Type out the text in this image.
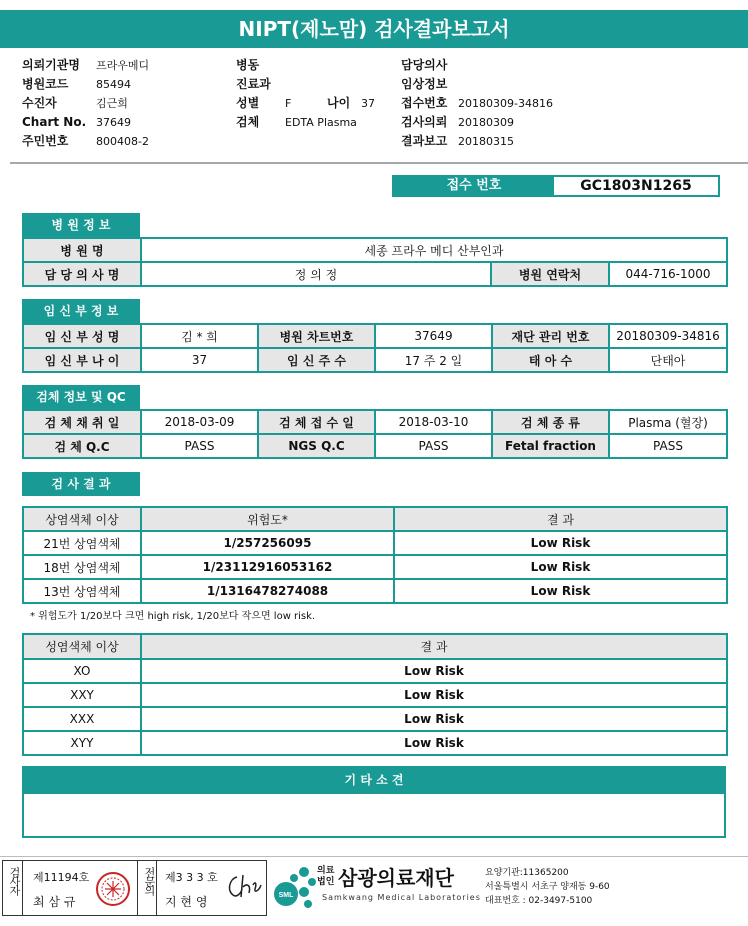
NIPT(제노맘) 검사결과보고서
의뢰기관명 프라우메디
병원코드	85494
수진자	김근희
Chart No. 37649
주민번호	800408-2
병동
진료과
성별 F	나이 37
검체 EDTA Plasma
담당의사
임상정보
접수번호 20180309-34816
검사의뢰 20180309
결과보고 20180315
접수 번호	GC1803N1265
병 원 정 보
병 원 명	세종 프라우 메디 산부인과		
담 당 의 사 명	정 의 정	병원 연락처	044-716-1000
임 신 부 정 보
임 신 부 성 명	김 * 희	병원 차트번호	37649	재단 관리 번호	20180309-34816
임 신 부 나 이	37	임 신 주 수	17 주 2 일	태 아 수	단태아
검체 정보 및 QC
검 체 채 취 일	2018-03-09	검 체 접 수 일	2018-03-10	검 체 종 류	Plasma (혈장)
검 체 Q.C	PASS	NGS Q.C	PASS	Fetal fraction	PASS
검 사 결 과
상염색체 이상	위험도*	결 과
21번 상염색체	1/257256095	Low Risk
18번 상염색체	1/23112916053162	Low Risk
13번 상염색체	1/1316478274088	Low Risk
* 위험도가 1/20보다 크면 high risk, 1/20보다 작으면 low risk.
성염색체 이상	결 과
XO	Low Risk
XXY	Low Risk
XXX	Low Risk
XYY	Low Risk
기 타 소 견
검사자 제11194호
최 삼 규
전문의 제3 3 3 호
지 현 영	SML
의료
법인 삼광의료재단
Samkwang Medical Laboratories
요양기관:11365200
서울특별시 서초구 양재동 9-60
대표번호 : 02-3497-5100
